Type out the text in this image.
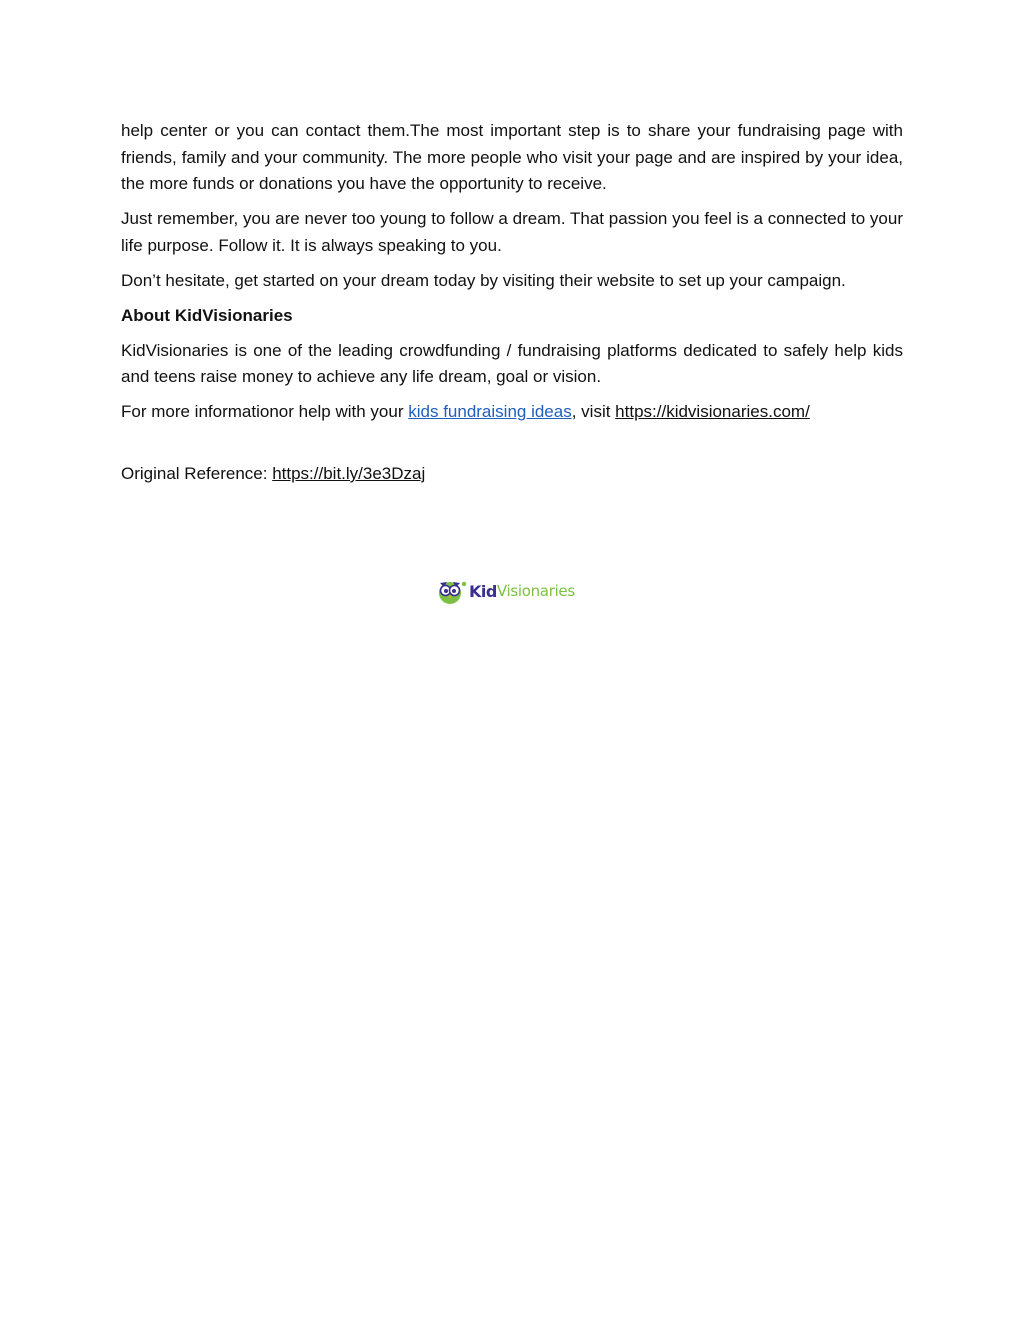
help center or you can contact them.The most important step is to share your fundraising page with friends, family and your community. The more people who visit your page and are inspired by your idea, the more funds or donations you have the opportunity to receive.

Just remember, you are never too young to follow a dream. That passion you feel is a connected to your life purpose. Follow it. It is always speaking to you.

Don’t hesitate, get started on your dream today by visiting their website to set up your campaign.

About KidVisionaries

KidVisionaries is one of the leading crowdfunding / fundraising platforms dedicated to safely help kids and teens raise money to achieve any life dream, goal or vision.

For more informationor help with your kids fundraising ideas, visit https://kidvisionaries.com/

Original Reference: https://bit.ly/3e3Dzaj

Kid Visionaries
